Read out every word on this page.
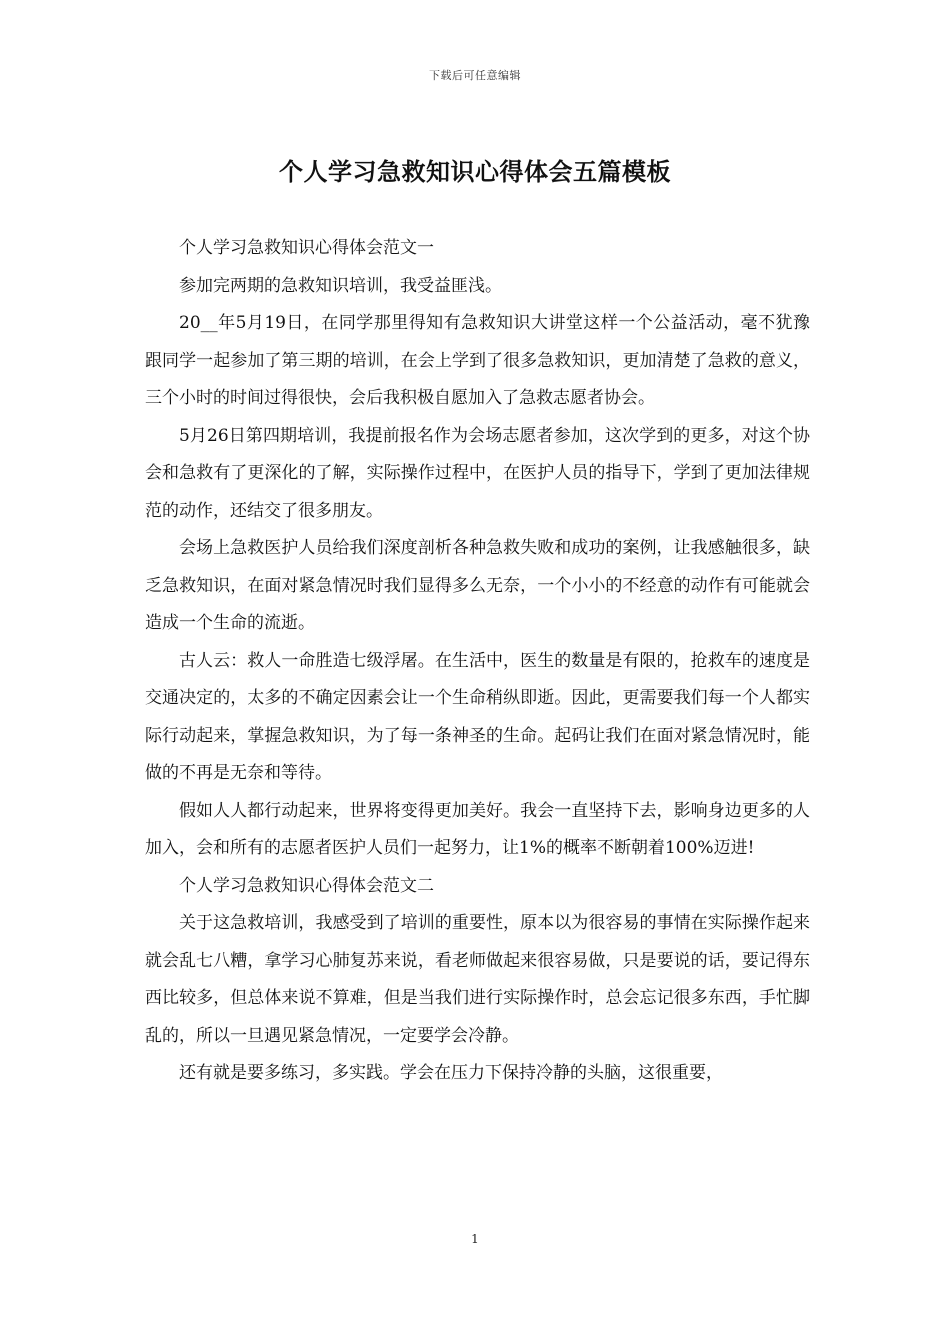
下载后可任意编辑
个人学习急救知识心得体会五篇模板

个人学习急救知识心得体会范文一

参加完两期的急救知识培训，我受益匪浅。

20__年5月19日，在同学那里得知有急救知识大讲堂这样一个公益活动，毫不犹豫跟同学一起参加了第三期的培训，在会上学到了很多急救知识，更加清楚了急救的意义，三个小时的时间过得很快，会后我积极自愿加入了急救志愿者协会。

5月26日第四期培训，我提前报名作为会场志愿者参加，这次学到的更多，对这个协会和急救有了更深化的了解，实际操作过程中，在医护人员的指导下，学到了更加法律规范的动作，还结交了很多朋友。

会场上急救医护人员给我们深度剖析各种急救失败和成功的案例，让我感触很多，缺乏急救知识，在面对紧急情况时我们显得多么无奈，一个小小的不经意的动作有可能就会造成一个生命的流逝。

古人云：救人一命胜造七级浮屠。在生活中，医生的数量是有限的，抢救车的速度是交通决定的，太多的不确定因素会让一个生命稍纵即逝。因此，更需要我们每一个人都实际行动起来，掌握急救知识，为了每一条神圣的生命。起码让我们在面对紧急情况时，能做的不再是无奈和等待。

假如人人都行动起来，世界将变得更加美好。我会一直坚持下去，影响身边更多的人加入，会和所有的志愿者医护人员们一起努力，让1%的概率不断朝着100%迈进!

个人学习急救知识心得体会范文二

关于这急救培训，我感受到了培训的重要性，原本以为很容易的事情在实际操作起来就会乱七八糟，拿学习心肺复苏来说，看老师做起来很容易做，只是要说的话，要记得东西比较多，但总体来说不算难，但是当我们进行实际操作时，总会忘记很多东西，手忙脚乱的，所以一旦遇见紧急情况，一定要学会冷静。

还有就是要多练习，多实践。学会在压力下保持冷静的头脑，这很重要，

1
